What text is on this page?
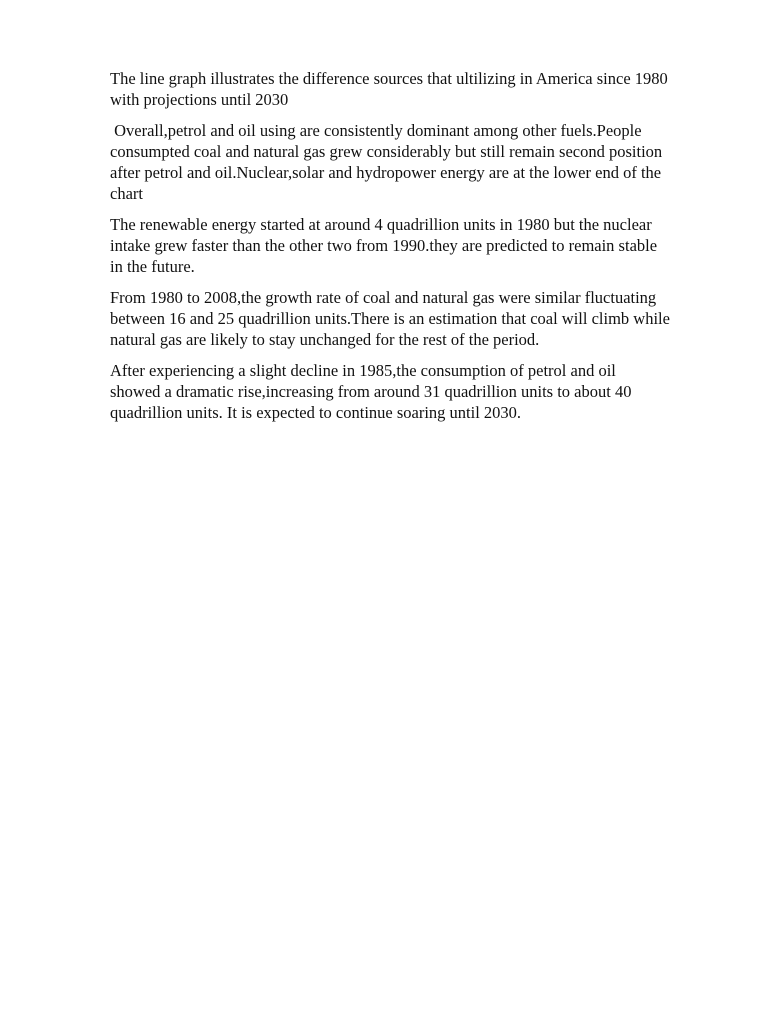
The line graph illustrates the difference sources that ultilizing in America since 1980 with projections until 2030

Overall,petrol and oil using are consistently dominant among other fuels.People consumpted coal and natural gas grew considerably but still remain second position after petrol and oil.Nuclear,solar and hydropower energy are at the lower end of the chart

The renewable energy started at around 4 quadrillion units in 1980 but the nuclear intake grew faster than the other two from 1990.they are predicted to remain stable in the future.

From 1980 to 2008,the growth rate of coal and natural gas were similar fluctuating between 16 and 25 quadrillion units.There is an estimation that coal will climb while natural gas are likely to stay unchanged for the rest of the period.

After experiencing a slight decline in 1985,the consumption of petrol and oil showed a dramatic rise,increasing from around 31 quadrillion units to about 40 quadrillion units. It is expected to continue soaring until 2030.
